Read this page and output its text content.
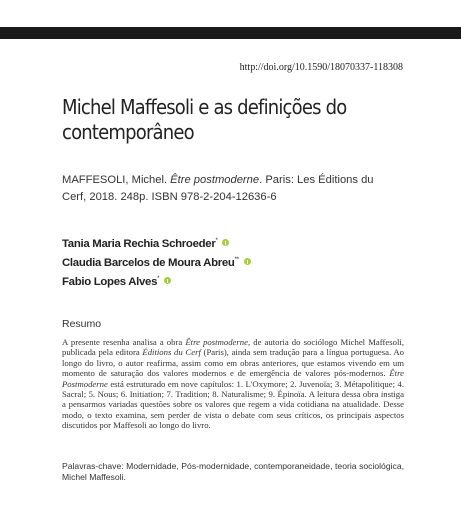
RESENHAS
http://doi.org/10.1590/18070337-118308
Michel Maffesoli e as definições do contemporâneo
MAFFESOLI, Michel. Être postmoderne. Paris: Les Éditions du
Cerf, 2018. 248p. ISBN 978-2-204-12636-6
Tania Maria Rechia Schroeder*
Claudia Barcelos de Moura Abreu**
Fabio Lopes Alves*
Resumo

A presente resenha analisa a obra Être postmoderne, de autoria do sociólogo Michel Maffesoli, publicada pela editora Éditions du Cerf (Paris), ainda sem tradução para a língua portuguesa. Ao longo do livro, o autor reafirma, assim como em obras anteriores, que estamos vivendo em um momento de saturação dos valores modernos e de emergência de valores pós-modernos. Être Postmoderne está estruturado em nove capítulos: 1. L'Oxymore; 2. Juvenoïa; 3. Métapolitique; 4. Sacral; 5. Nous; 6. Initiation; 7. Tradition; 8. Naturalisme; 9. Épinoïa. A leitura dessa obra instiga a pensarmos variadas questões sobre os valores que regem a vida cotidiana na atualidade. Desse modo, o texto examina, sem perder de vista o debate com seus críticos, os principais aspectos discutidos por Maffesoli ao longo do livro.

Palavras-chave: Modernidade, Pós-modernidade, contemporaneidade, teoria sociológica, Michel Maffesoli.
